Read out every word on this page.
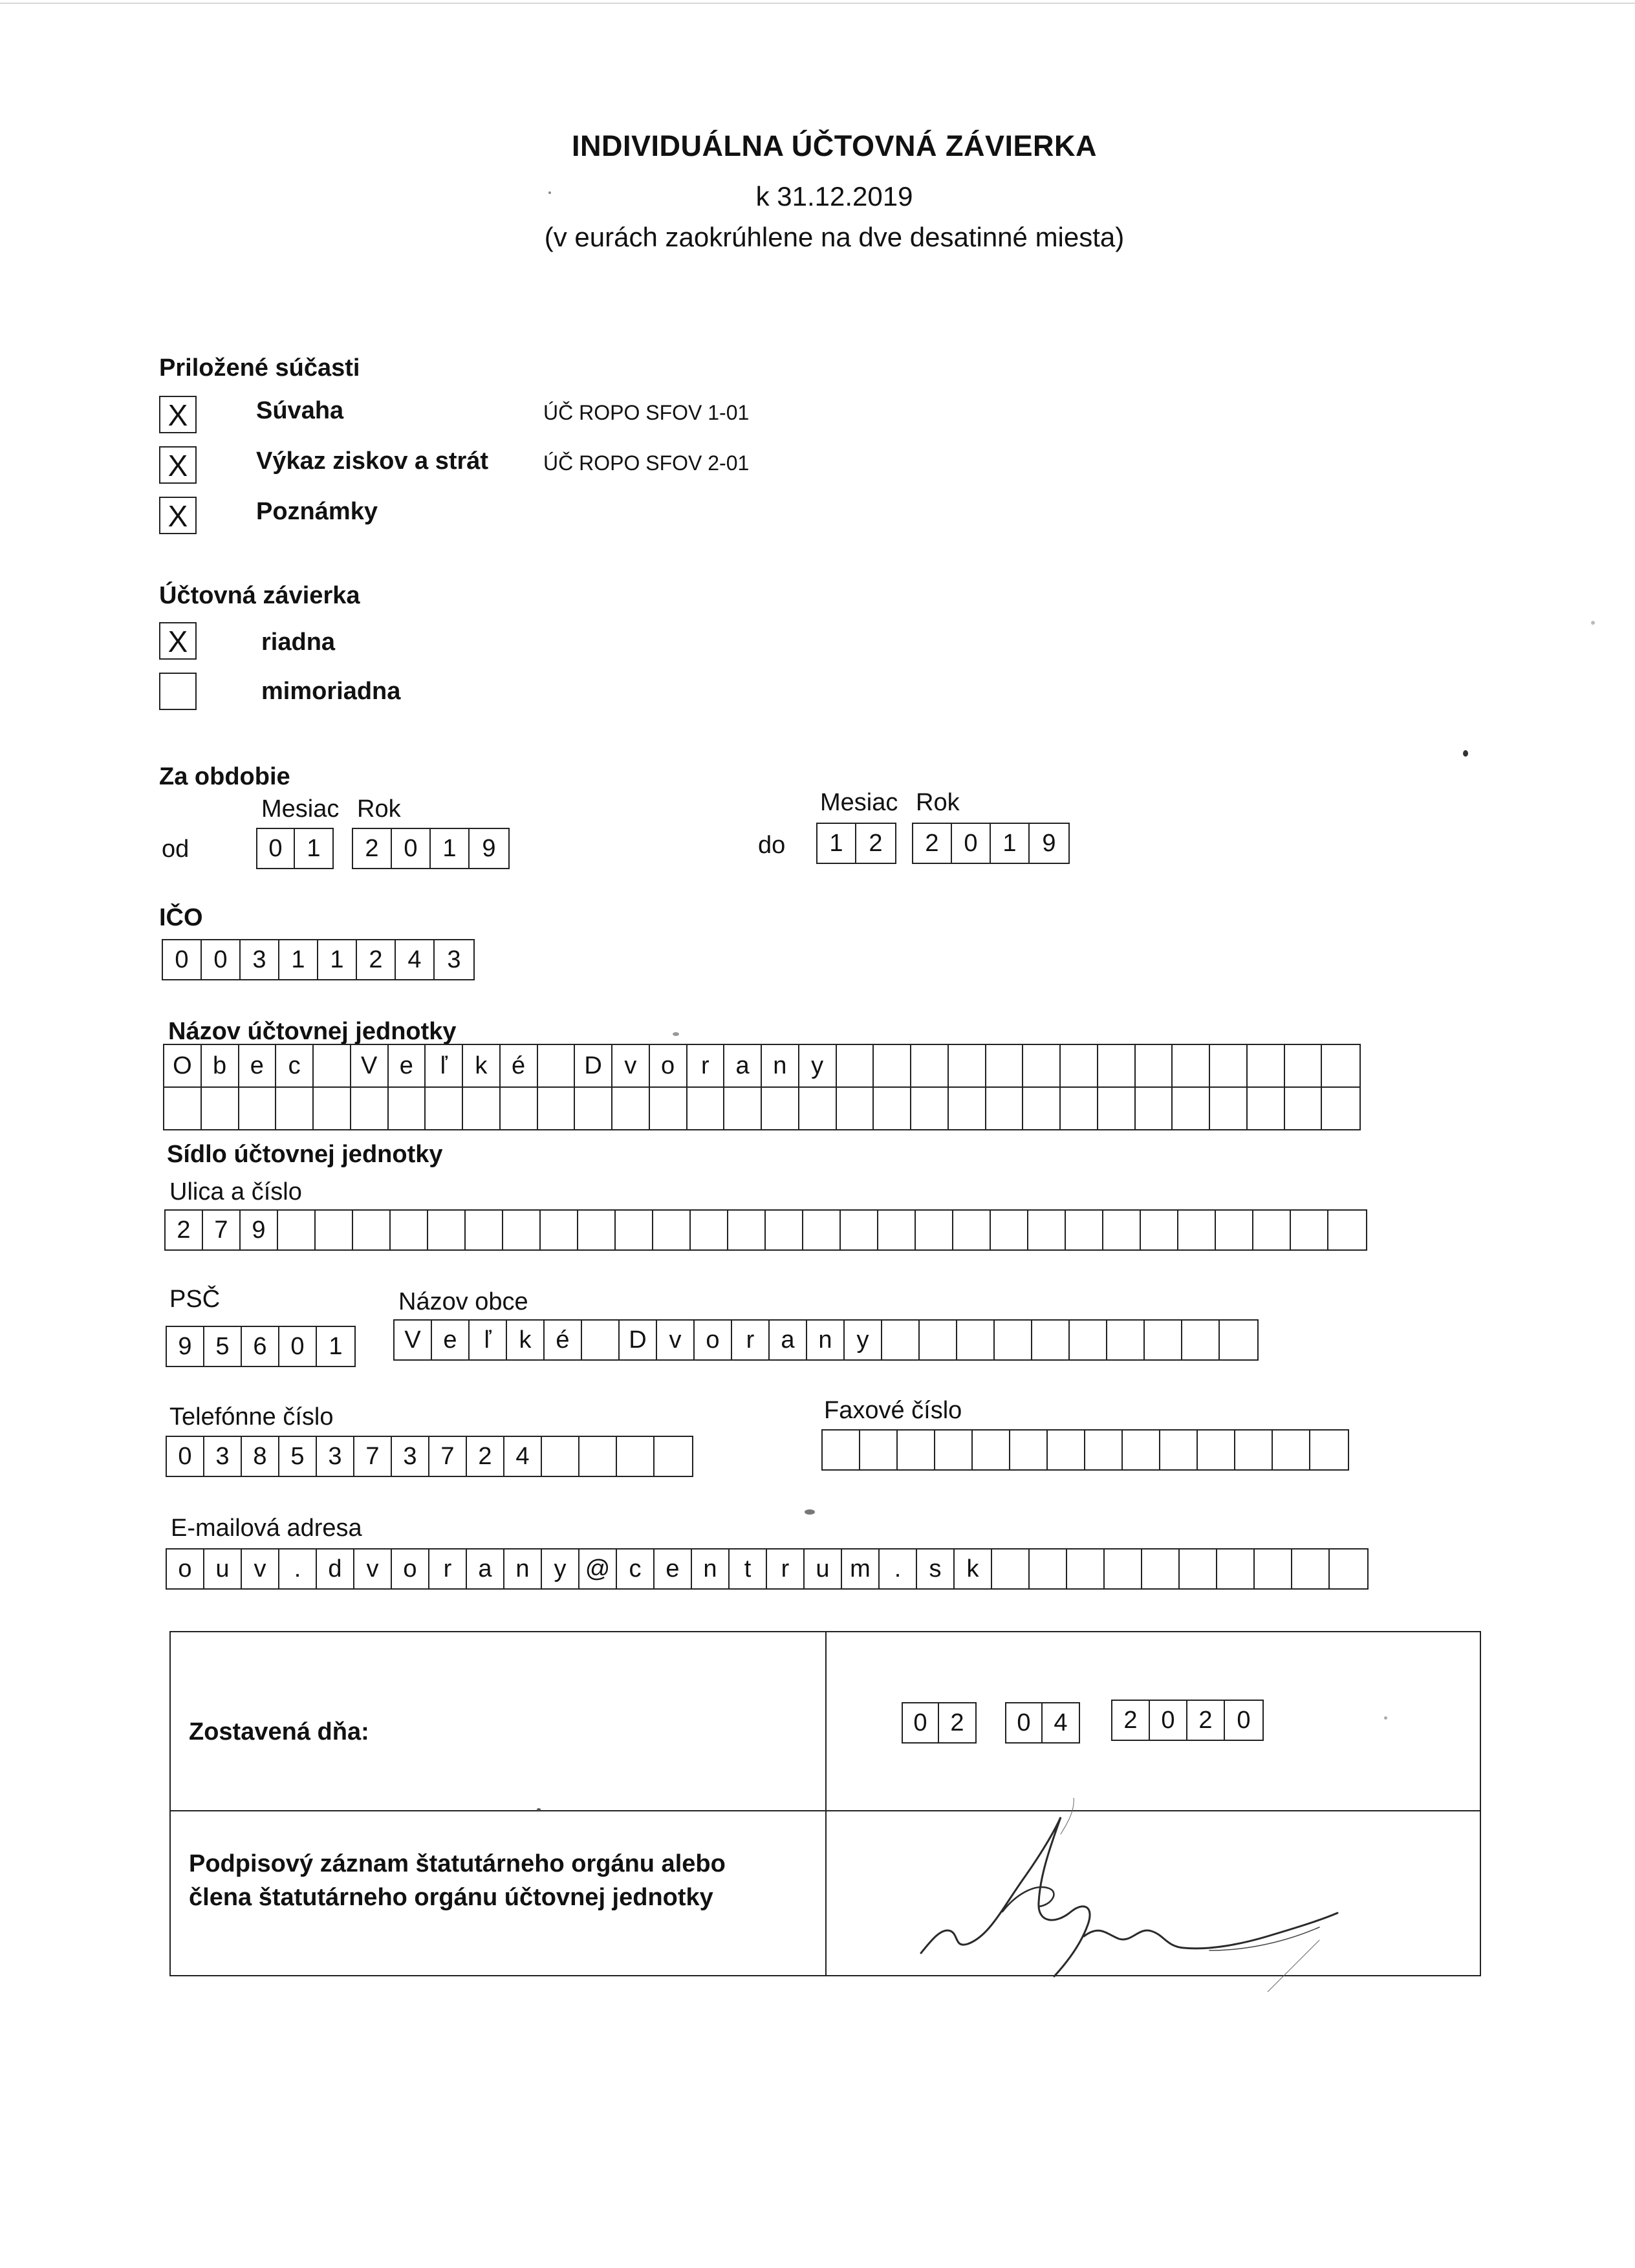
INDIVIDUÁLNA ÚČTOVNÁ ZÁVIERKA
k 31.12.2019
(v eurách zaokrúhlene na dve desatinné miesta)
Priložené súčasti
X	Súvaha	ÚČ ROPO SFOV 1-01
X	Výkaz ziskov a strát	ÚČ ROPO SFOV 2-01
X	Poznámky
Účtovná závierka
X	riadna
mimoriadna
Za obdobie
Mesiac Rok
od	0 1	2	0	1	9
Mesiac Rok
do	1	2	2	0	1	9
IČO
0	0	3	1	1	2	4	3
Názov účtovnej jednotky
O b e c	V e	ľ	k é	D v o	r	a n y
Sídlo účtovnej jednotky
Ulica a číslo
2 7 9
PSČ	Názov obce
9 5 6 0 1	V e	ľ	k é	D v o	r	a n y
Telefónne číslo
0 3 8 5 3 7 3 7 2 4
Faxové číslo
E-mailová adresa
o u v	.	d v o	r	a n y @ c e n	t	r	u m .	s	k
Zostavená dňa:	0 2	0 4	2 0 2 0
Podpisový záznam štatutárneho orgánu alebo
člena štatutárneho orgánu účtovnej jednotky
